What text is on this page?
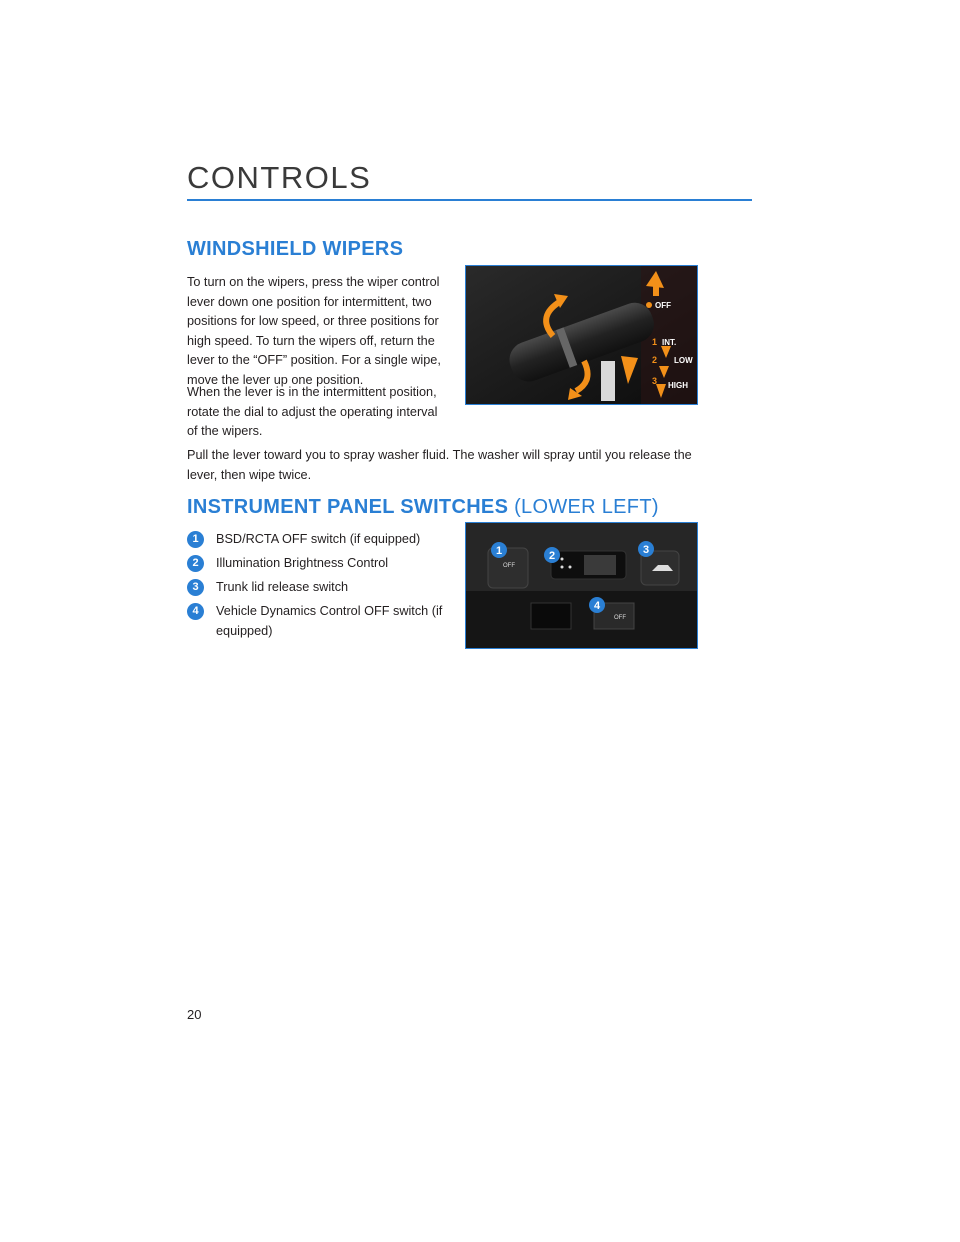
CONTROLS
WINDSHIELD WIPERS

To turn on the wipers, press the wiper control lever down one position for intermittent, two positions for low speed, or three positions for high speed. To turn the wipers off, return the lever to the “OFF” position. For a single wipe, move the lever up one position.

When the lever is in the intermittent position, rotate the dial to adjust the operating interval of the wipers.

Pull the lever toward you to spray washer fluid. The washer will spray until you release the lever, then wipe twice.

OFF
1 INT.
2 LOW
3 HIGH
INSTRUMENT PANEL SWITCHES (LOWER LEFT)
1	BSD/RCTA OFF switch (if equipped)
2	Illumination Brightness Control
3	Trunk lid release switch
4	Vehicle Dynamics Control OFF switch (if equipped)
OFF
OFF
1	2	3
4
20
